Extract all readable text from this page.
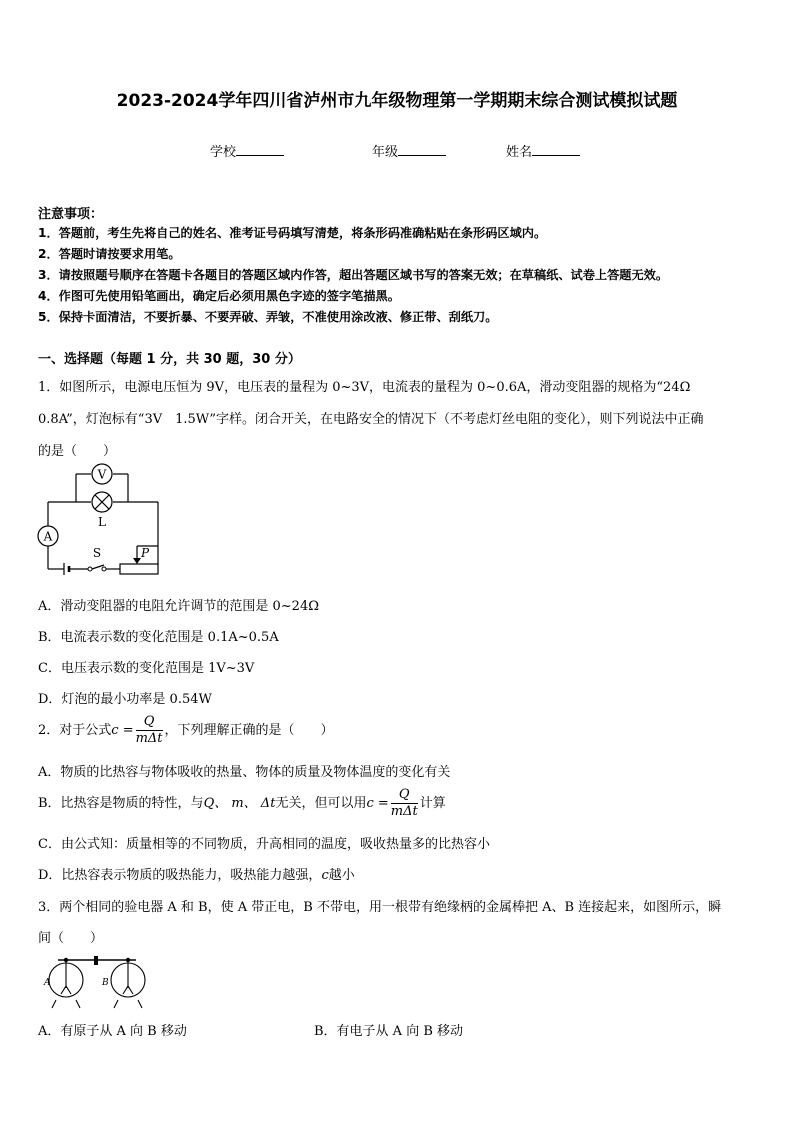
2023-2024学年四川省泸州市九年级物理第一学期期末综合测试模拟试题
学校	年级	姓名
注意事项：
1．答题前，考生先将自己的姓名、准考证号码填写清楚，将条形码准确粘贴在条形码区域内。
2．答题时请按要求用笔。
3．请按照题号顺序在答题卡各题目的答题区域内作答，超出答题区域书写的答案无效；在草稿纸、试卷上答题无效。
4．作图可先使用铅笔画出，确定后必须用黑色字迹的签字笔描黑。
5．保持卡面清洁，不要折暴、不要弄破、弄皱，不准使用涂改液、修正带、刮纸刀。
一、选择题（每题 1 分，共 30 题，30 分）
1．如图所示，电源电压恒为 9V，电压表的量程为 0~3V，电流表的量程为 0~0.6A，滑动变阻器的规格为“24Ω
0.8A”，灯泡标有“3V　1.5W”字样。闭合开关，在电路安全的情况下（不考虑灯丝电阻的变化），则下列说法中正确
的是（　　）
V
L
A
S	P
A．滑动变阻器的电阻允许调节的范围是 0~24Ω
B．电流表示数的变化范围是 0.1A~0.5A
C．电压表示数的变化范围是 1V~3V
D．灯泡的最小功率是 0.54W
2．对于公式$c = \frac{Q}{\text{mΔt}}$ ，下列理解正确的是（　　）
A．物质的比热容与物体吸收的热量、物体的质量及物体温度的变化有关
B．比热容是物质的特性，与Q、 m、 Δt无关，但可以用$c = \frac{Q}{\text{mΔt}}$ 计算
C．由公式知：质量相等的不同物质，升高相同的温度，吸收热量多的比热容小
D．比热容表示物质的吸热能力，吸热能力越强，c越小
3．两个相同的验电器 A 和 B，使 A 带正电，B 不带电，用一根带有绝缘柄的金属棒把 A、B 连接起来，如图所示，瞬
间（　　）
A	B
A．有原子从 A 向 B 移动	B．有电子从 A 向 B 移动
